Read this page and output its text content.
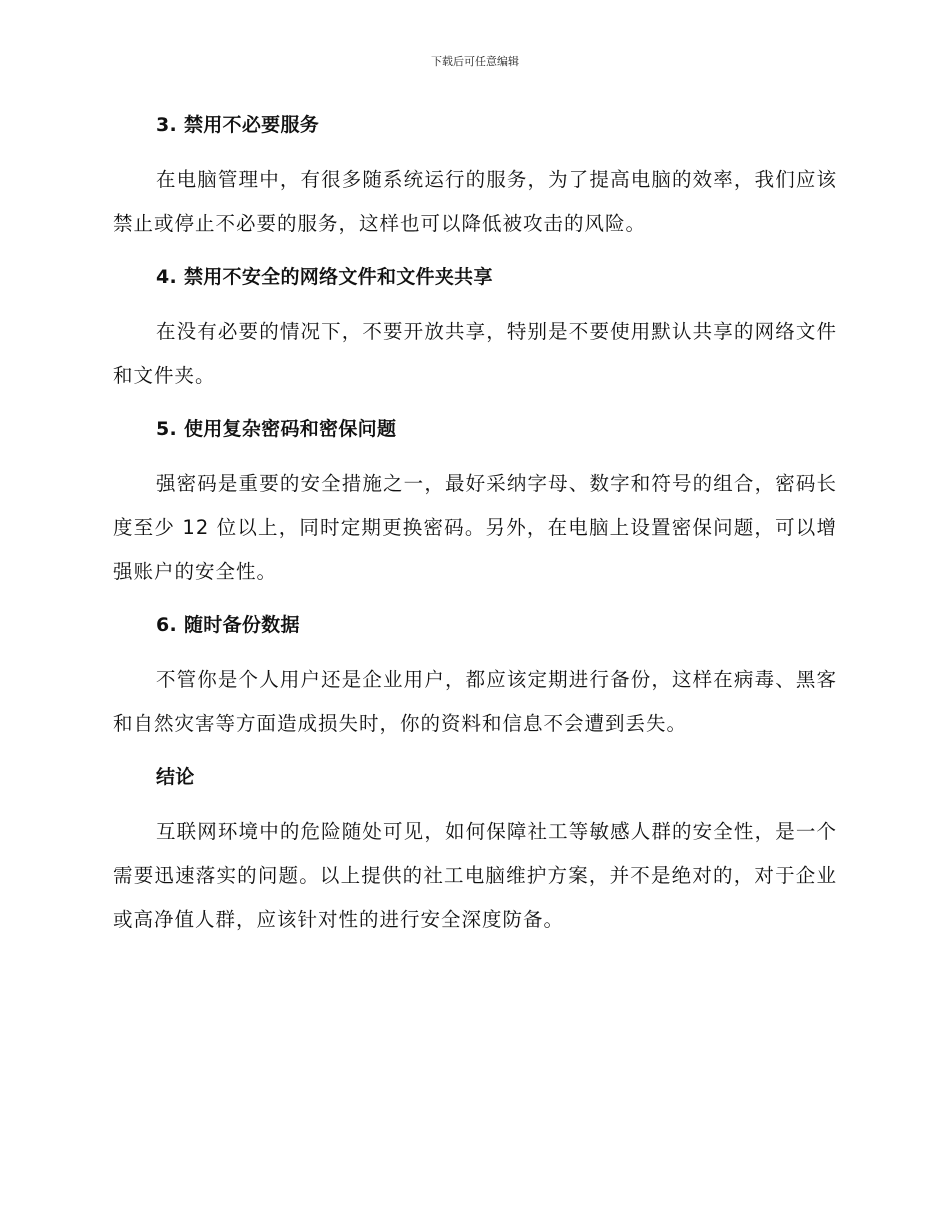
下载后可任意编辑
3. 禁用不必要服务
在电脑管理中，有很多随系统运行的服务，为了提高电脑的效率，我们应该禁止或停止不必要的服务，这样也可以降低被攻击的风险。
4. 禁用不安全的网络文件和文件夹共享
在没有必要的情况下，不要开放共享，特别是不要使用默认共享的网络文件和文件夹。
5. 使用复杂密码和密保问题
强密码是重要的安全措施之一，最好采纳字母、数字和符号的组合，密码长度至少 12 位以上，同时定期更换密码。另外，在电脑上设置密保问题，可以增强账户的安全性。
6. 随时备份数据
不管你是个人用户还是企业用户，都应该定期进行备份，这样在病毒、黑客和自然灾害等方面造成损失时，你的资料和信息不会遭到丢失。
结论
互联网环境中的危险随处可见，如何保障社工等敏感人群的安全性，是一个需要迅速落实的问题。以上提供的社工电脑维护方案，并不是绝对的，对于企业或高净值人群，应该针对性的进行安全深度防备。
